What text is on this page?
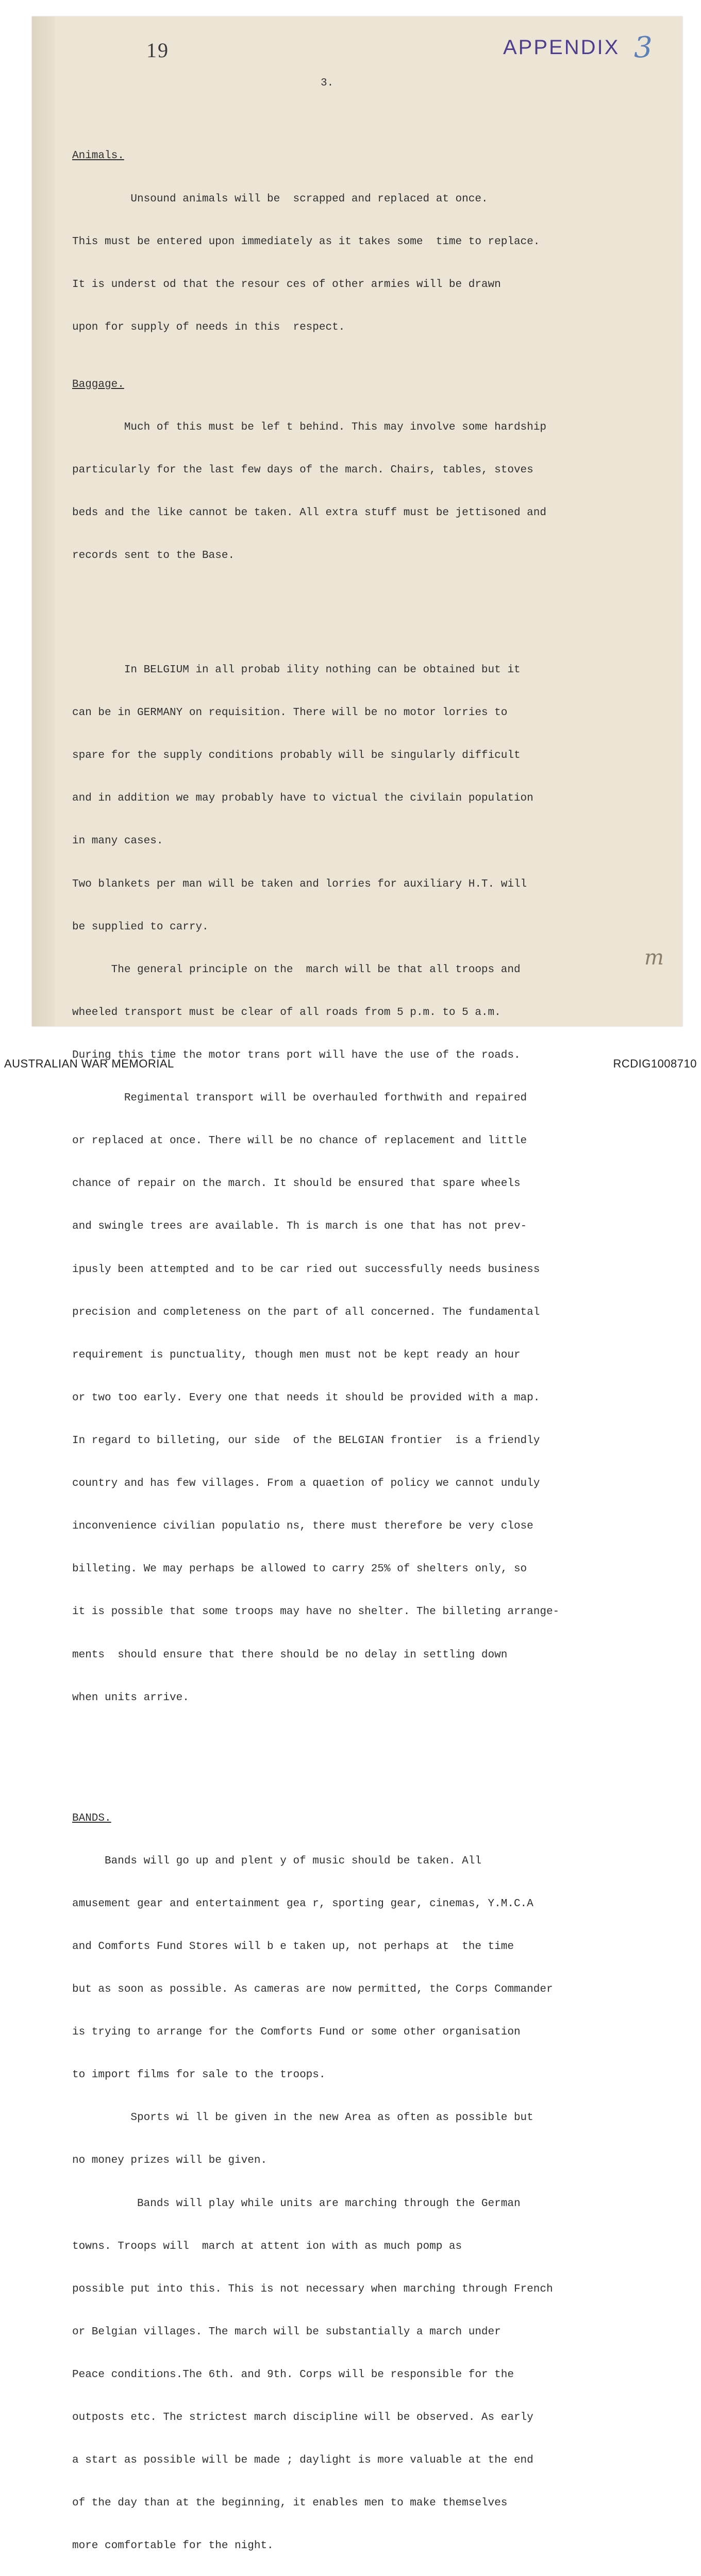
19	APPENDIX 3
3.

Animals.

Unsound animals will be  scrapped and replaced at once.

This must be entered upon immediately as it takes some  time to replace.

It is underst od that the resour ces of other armies will be drawn

upon for supply of needs in this  respect.

Baggage.

Much of this must be lef t behind. This may involve some hardship

particularly for the last few days of the march. Chairs, tables, stoves

beds and the like cannot be taken. All extra stuff must be jettisoned and

records sent to the Base.

In BELGIUM in all probab ility nothing can be obtained but it

can be in GERMANY on requisition. There will be no motor lorries to

spare for the supply conditions probably will be singularly difficult

and in addition we may probably have to victual the civilain population

in many cases.

Two blankets per man will be taken and lorries for auxiliary H.T. will

be supplied to carry.

The general principle on the  march will be that all troops and

wheeled transport must be clear of all roads from 5 p.m. to 5 a.m.

During this time the motor trans port will have the use of the roads.

Regimental transport will be overhauled forthwith and repaired

or replaced at once. There will be no chance of replacement and little

chance of repair on the march. It should be ensured that spare wheels

and swingle trees are available. Th is march is one that has not prev-

ipusly been attempted and to be car ried out successfully needs business

precision and completeness on the part of all concerned. The fundamental

requirement is punctuality, though men must not be kept ready an hour

or two too early. Every one that needs it should be provided with a map.

In regard to billeting, our side  of the BELGIAN frontier  is a friendly

country and has few villages. From a quaetion of policy we cannot unduly

inconvenience civilian populatio ns, there must therefore be very close

billeting. We may perhaps be allowed to carry 25% of shelters only, so

it is possible that some troops may have no shelter. The billeting arrange-

ments  should ensure that there should be no delay in settling down

when units arrive.

BANDS.

Bands will go up and plent y of music should be taken. All

amusement gear and entertainment gea r, sporting gear, cinemas, Y.M.C.A

and Comforts Fund Stores will b e taken up, not perhaps at  the time

but as soon as possible. As cameras are now permitted, the Corps Commander

is trying to arrange for the Comforts Fund or some other organisation

to import films for sale to the troops.

Sports wi ll be given in the new Area as often as possible but

no money prizes will be given.

Bands will play while units are marching through the German

towns. Troops will  march at attent ion with as much pomp as

possible put into this. This is not necessary when marching through French

or Belgian villages. The march will be substantially a march under

Peace conditions.The 6th. and 9th. Corps will be responsible for the

outposts etc. The strictest march discipline will be observed. As early

a start as possible will be made ; daylight is more valuable at the end

of the day than at the beginning, it enables men to make themselves

more comfortable for the night.

m
AUSTRALIAN WAR MEMORIAL	RCDIG1008710
